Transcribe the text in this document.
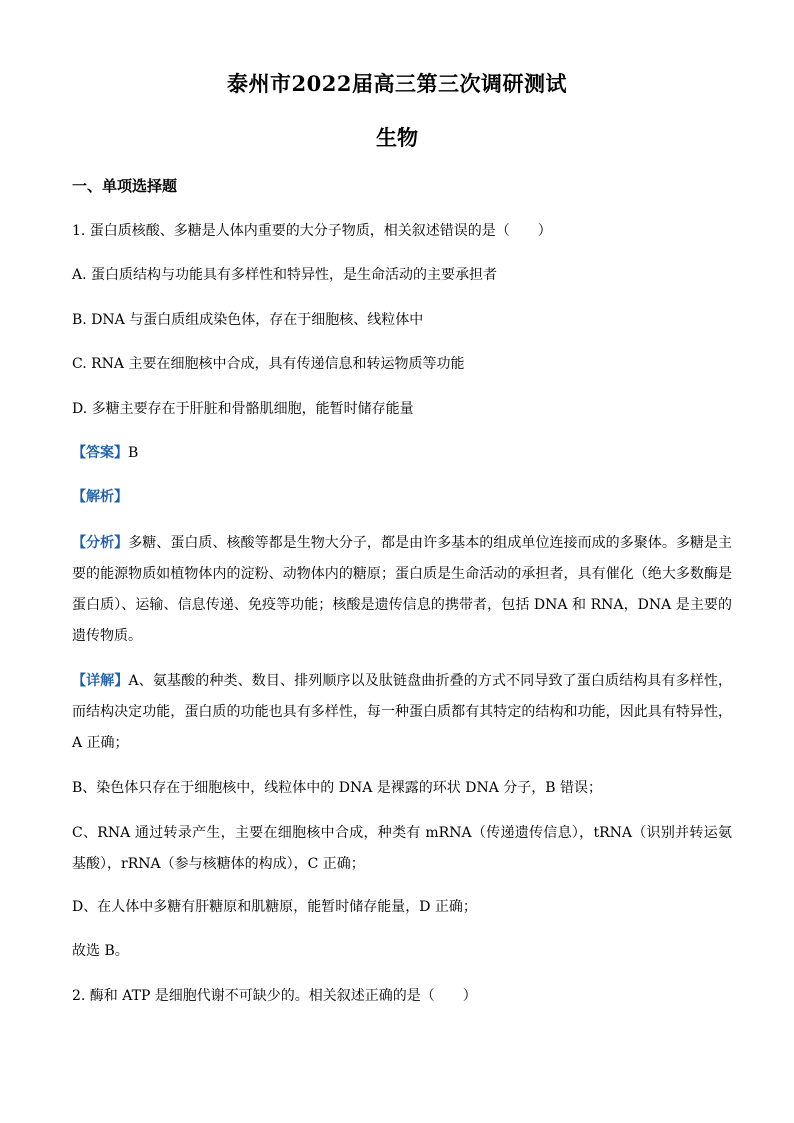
泰州市2022届高三第三次调研测试
生物
一、单项选择题
1. 蛋白质核酸、多糖是人体内重要的大分子物质，相关叙述错误的是（　　）
A. 蛋白质结构与功能具有多样性和特异性，是生命活动的主要承担者
B. DNA 与蛋白质组成染色体，存在于细胞核、线粒体中
C. RNA 主要在细胞核中合成，具有传递信息和转运物质等功能
D. 多糖主要存在于肝脏和骨骼肌细胞，能暂时储存能量
【答案】B
【解析】
【分析】多糖、蛋白质、核酸等都是生物大分子，都是由许多基本的组成单位连接而成的多聚体。多糖是主要的能源物质如植物体内的淀粉、动物体内的糖原；蛋白质是生命活动的承担者，具有催化（绝大多数酶是蛋白质）、运输、信息传递、免疫等功能；核酸是遗传信息的携带者，包括 DNA 和 RNA，DNA 是主要的遗传物质。
【详解】A、氨基酸的种类、数目、排列顺序以及肽链盘曲折叠的方式不同导致了蛋白质结构具有多样性，而结构决定功能，蛋白质的功能也具有多样性，每一种蛋白质都有其特定的结构和功能，因此具有特异性，A 正确；
B、染色体只存在于细胞核中，线粒体中的 DNA 是裸露的环状 DNA 分子，B 错误；
C、RNA 通过转录产生，主要在细胞核中合成，种类有 mRNA（传递遗传信息），tRNA（识别并转运氨基酸），rRNA（参与核糖体的构成），C 正确；
D、在人体中多糖有肝糖原和肌糖原，能暂时储存能量，D 正确；
故选 B。
2. 酶和 ATP 是细胞代谢不可缺少的。相关叙述正确的是（　　）
